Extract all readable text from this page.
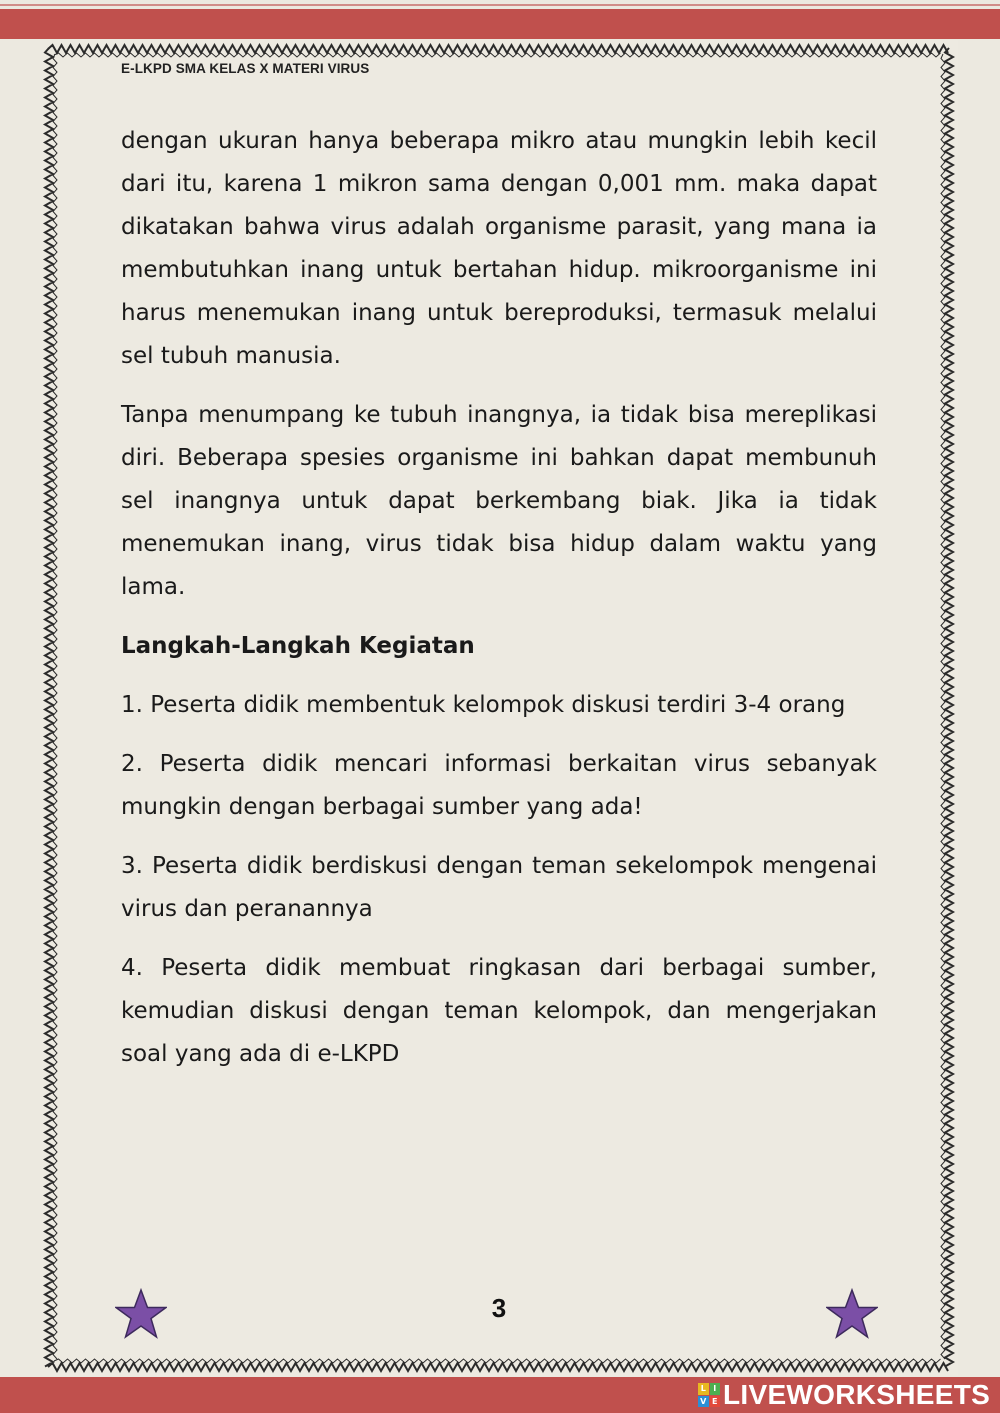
E-LKPD SMA KELAS X MATERI VIRUS

dengan ukuran hanya beberapa mikro atau mungkin lebih kecil dari itu, karena 1 mikron sama dengan 0,001 mm. maka dapat dikatakan bahwa virus adalah organisme parasit, yang mana ia membutuhkan inang untuk bertahan hidup. mikroorganisme ini harus menemukan inang untuk bereproduksi, termasuk melalui sel tubuh manusia.

Tanpa menumpang ke tubuh inangnya, ia tidak bisa mereplikasi diri. Beberapa spesies organisme ini bahkan dapat membunuh sel inangnya untuk dapat berkembang biak. Jika ia tidak menemukan inang, virus tidak bisa hidup dalam waktu yang lama.

Langkah-Langkah Kegiatan

1. Peserta didik membentuk kelompok diskusi terdiri 3-4 orang

2. Peserta didik mencari informasi berkaitan virus sebanyak mungkin dengan berbagai sumber yang ada!

3. Peserta didik berdiskusi dengan teman sekelompok mengenai virus dan peranannya

4. Peserta didik membuat ringkasan dari berbagai sumber, kemudian diskusi dengan teman kelompok, dan mengerjakan soal yang ada di e-LKPD

3
L I
V E LIVEWORKSHEETS
